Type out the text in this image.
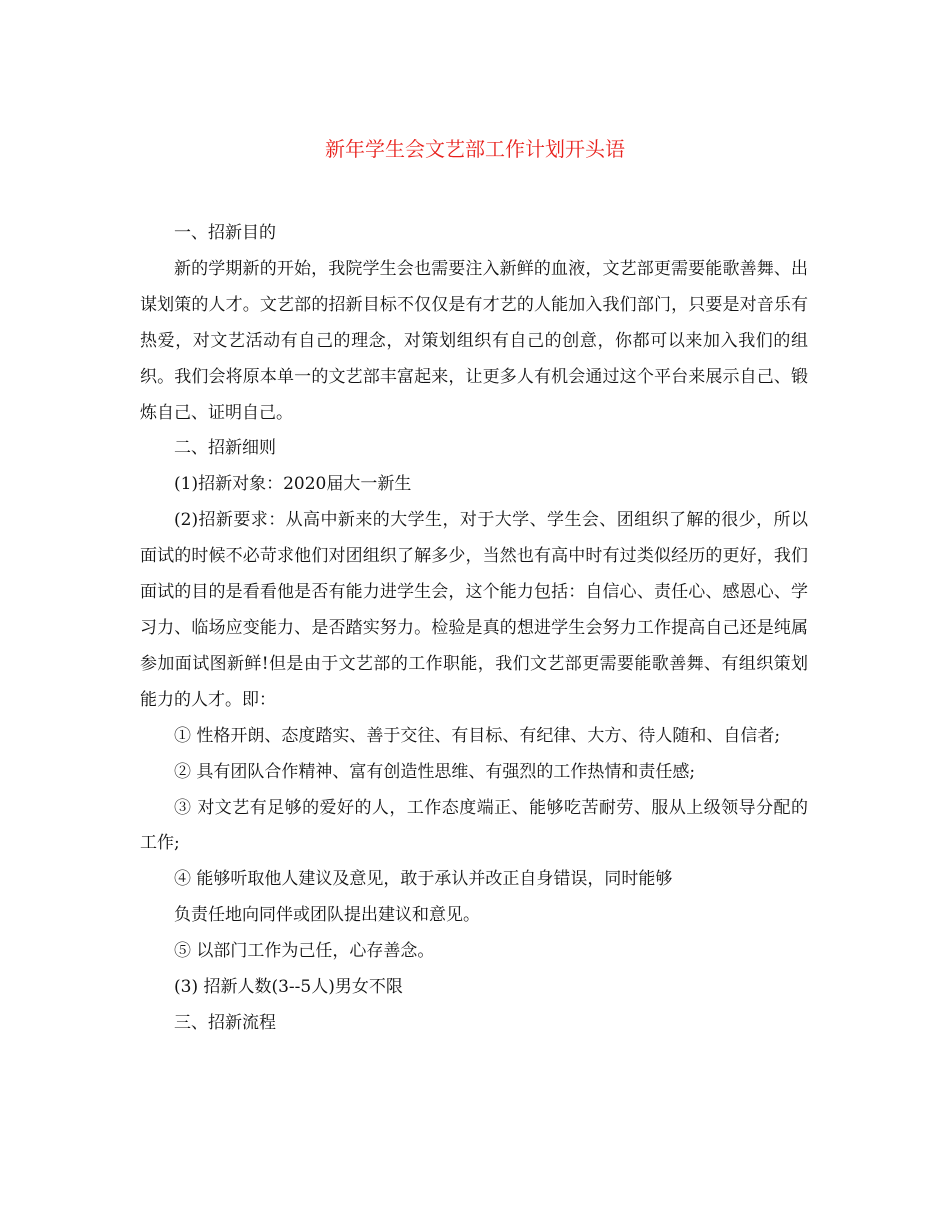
新年学生会文艺部工作计划开头语

一、招新目的

新的学期新的开始，我院学生会也需要注入新鲜的血液，文艺部更需要能歌善舞、出谋划策的人才。文艺部的招新目标不仅仅是有才艺的人能加入我们部门，只要是对音乐有热爱，对文艺活动有自己的理念，对策划组织有自己的创意，你都可以来加入我们的组织。我们会将原本单一的文艺部丰富起来，让更多人有机会通过这个平台来展示自己、锻炼自己、证明自己。

二、招新细则

(1)招新对象：2020届大一新生

(2)招新要求：从高中新来的大学生，对于大学、学生会、团组织了解的很少，所以面试的时候不必苛求他们对团组织了解多少，当然也有高中时有过类似经历的更好，我们面试的目的是看看他是否有能力进学生会，这个能力包括：自信心、责任心、感恩心、学习力、临场应变能力、是否踏实努力。检验是真的想进学生会努力工作提高自己还是纯属参加面试图新鲜!但是由于文艺部的工作职能，我们文艺部更需要能歌善舞、有组织策划能力的人才。即：

① 性格开朗、态度踏实、善于交往、有目标、有纪律、大方、待人随和、自信者;

② 具有团队合作精神、富有创造性思维、有强烈的工作热情和责任感;

③ 对文艺有足够的爱好的人，工作态度端正、能够吃苦耐劳、服从上级领导分配的工作;

④ 能够听取他人建议及意见，敢于承认并改正自身错误，同时能够

负责任地向同伴或团队提出建议和意见。

⑤ 以部门工作为己任，心存善念。

(3) 招新人数(3--5人)男女不限

三、招新流程
